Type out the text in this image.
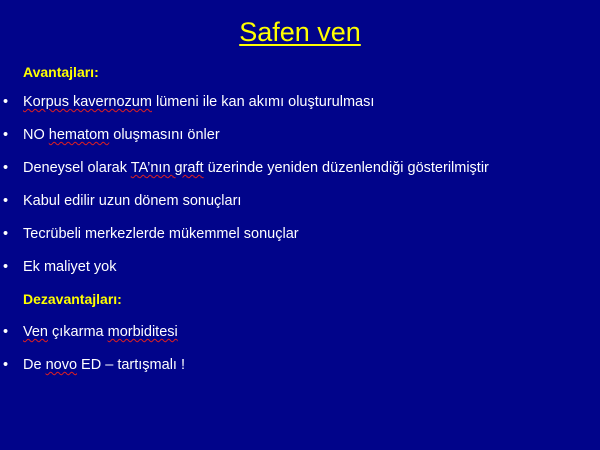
Safen ven
Avantajları:
• Korpus kavernozum lümeni ile kan akımı oluşturulması
• NO hematom oluşmasını önler
• Deneysel olarak TA’nın graft üzerinde yeniden düzenlendiği gösterilmiştir
• Kabul edilir uzun dönem sonuçları
• Tecrübeli merkezlerde mükemmel sonuçlar
• Ek maliyet yok
Dezavantajları:
• Ven çıkarma morbiditesi
• De novo ED – tartışmalı !
